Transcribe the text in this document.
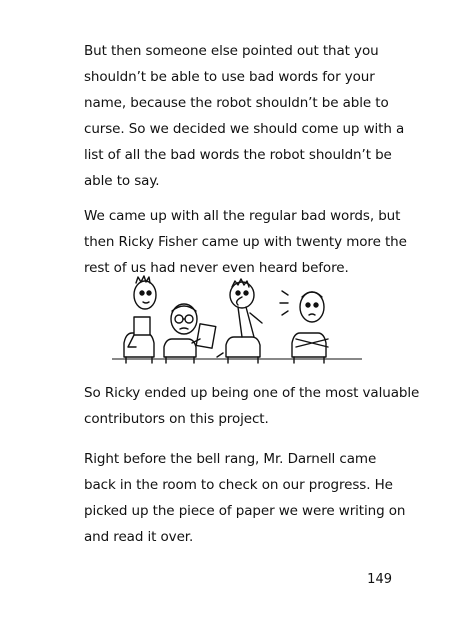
But then someone else pointed out that you
shouldn’t be able to use bad words for your
name, because the robot shouldn’t be able to
curse. So we decided we should come up with a
list of all the bad words the robot shouldn’t be
able to say.
We came up with all the regular bad words, but
then Ricky Fisher came up with twenty more the
rest of us had never even heard before.
So Ricky ended up being one of the most valuable
contributors on this project.
Right before the bell rang, Mr. Darnell came
back in the room to check on our progress. He
picked up the piece of paper we were writing on
and read it over.
149
